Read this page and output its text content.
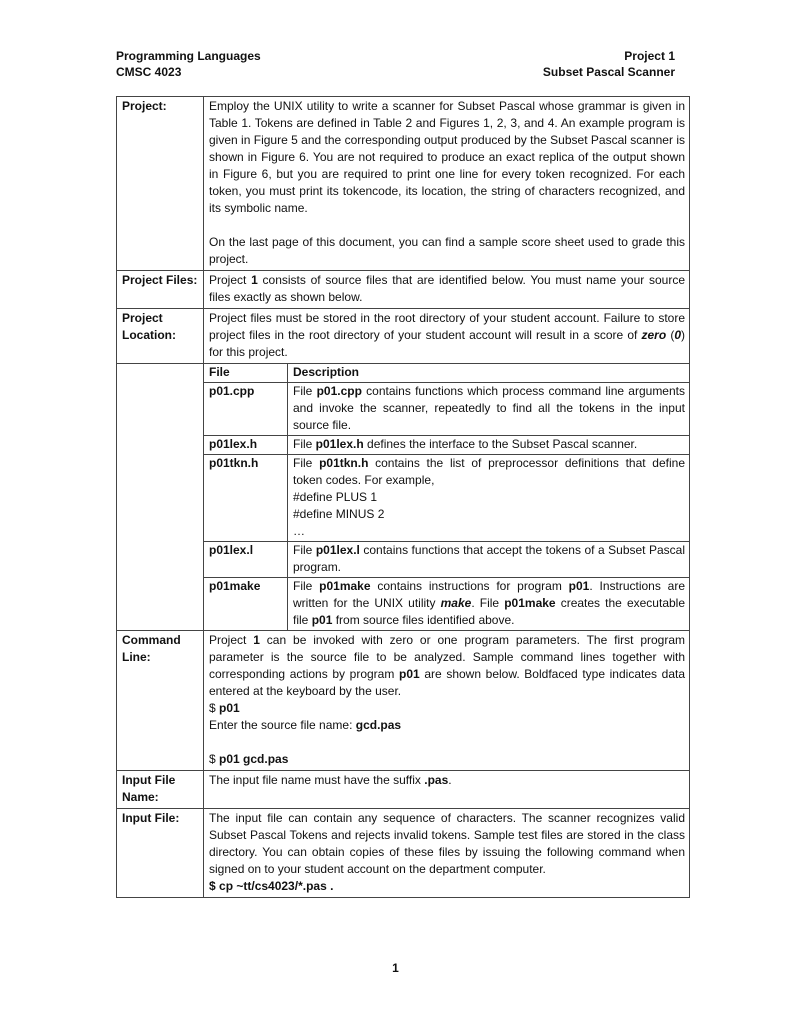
Programming Languages
CMSC 4023
Project 1
Subset Pascal Scanner
Project:	Employ the UNIX utility to write a scanner for Subset Pascal whose grammar is given in Table 1. Tokens are defined in Table 2 and Figures 1, 2, 3, and 4. An example program is given in Figure 5 and the corresponding output produced by the Subset Pascal scanner is shown in Figure 6. You are not required to produce an exact replica of the output shown in Figure 6, but you are required to print one line for every token recognized. For each token, you must print its tokencode, its location, the string of characters recognized, and its symbolic name.
On the last page of this document, you can find a sample score sheet used to grade this project.

Project Files:	Project 1 consists of source files that are identified below. You must name your source files exactly as shown below.
Project Location:	Project files must be stored in the root directory of your student account. Failure to store project files in the root directory of your student account will result in a score of zero (0) for this project.

File	Description
p01.cpp	File p01.cpp contains functions which process command line arguments and invoke the scanner, repeatedly to find all the tokens in the input source file.
p01lex.h	File p01lex.h defines the interface to the Subset Pascal scanner.
p01tkn.h	File p01tkn.h contains the list of preprocessor definitions that define token codes. For example,
#define PLUS 1
#define MINUS 2
…

p01lex.l	File p01lex.l contains functions that accept the tokens of a Subset Pascal program.
p01make	File p01make contains instructions for program p01. Instructions are written for the UNIX utility make. File p01make creates the executable file p01 from source files identified above.

Command Line:	
Project 1 can be invoked with zero or one program parameters. The first program parameter is the source file to be analyzed. Sample command lines together with corresponding actions by program p01 are shown below. Boldfaced type indicates data entered at the keyboard by the user.
$ p01
Enter the source file name: gcd.pas
$ p01 gcd.pas

Input File Name:	The input file name must have the suffix .pas.
Input File:	The input file can contain any sequence of characters. The scanner recognizes valid Subset Pascal Tokens and rejects invalid tokens. Sample test files are stored in the class directory. You can obtain copies of these files by issuing the following command when signed on to your student account on the department computer.
$ cp ~tt/cs4023/*.pas .
1
